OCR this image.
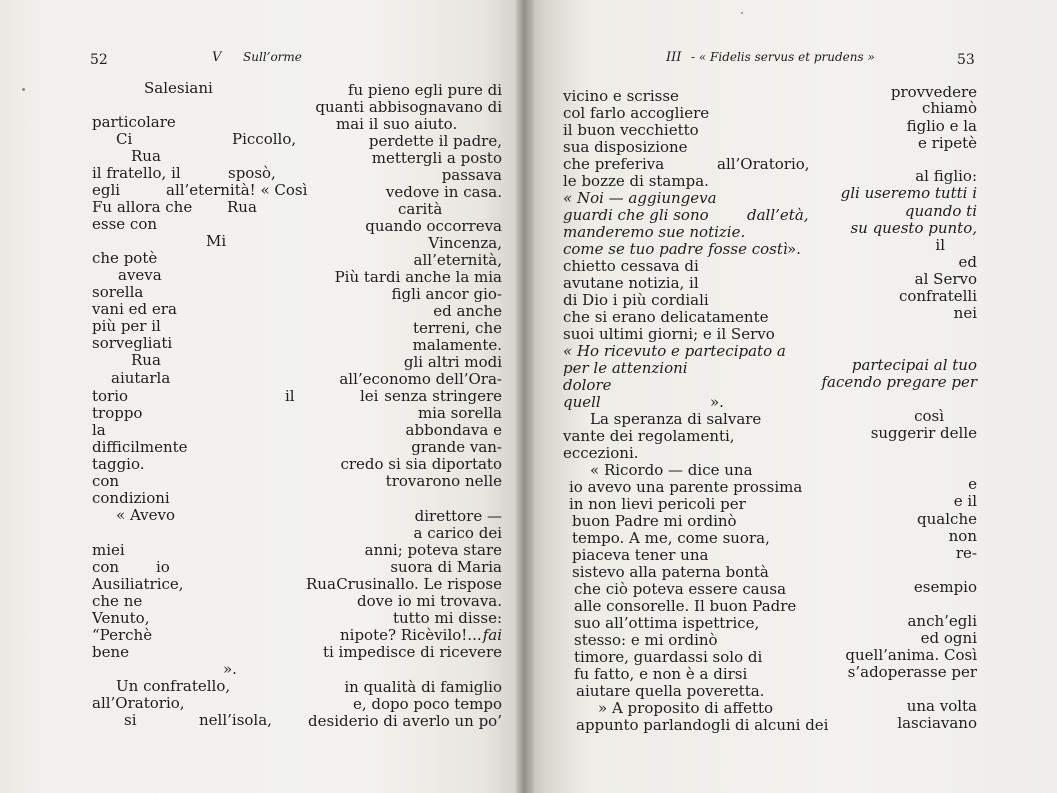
52	V Sull’orme
Salesiani
particolare
Ci	Piccollo,
Rua
il fratello, il	sposò,
egli	all’eternità! « Così
Fu allora che Rua
esse con
Mi
che potè
aveva
sorella
vani ed era
più per il
sorvegliati
Rua
aiutarla
torio	il
troppo
la
difficilmente
taggio.
con
condizioni
« Avevo
miei
con io
Ausiliatrice,
che ne
Venuto,
“Perchè
bene
».
Un confratello,
all’Oratorio,
si	nell’isola,
fu pieno egli pure di
quanti abbisognavano di
mai il suo aiuto.
perdette il padre,
mettergli a posto
passava
vedove in casa.
carità
quando occorreva
Vincenza,
all’eternità,
Più tardi anche la mia
figli ancor gio-
ed anche
terreni, che
malamente.
gli altri modi
all’economo dell’Ora-
lei senza stringere
mia sorella
abbondava e
grande van-
credo si sia diportato
trovarono nelle
direttore —
a carico dei
anni; poteva stare
suora di Maria
Rua Crusinallo. Le rispose
dove io mi trovava.
tutto mi disse:
nipote? Ricèvilo!... fai
ti impedisce di ricevere
in qualità di famiglio
e, dopo poco tempo
desiderio di averlo un po’
III - « Fidelis servus et prudens »	53
vicino e scrisse
col farlo accogliere
il buon vecchietto
sua disposizione
che preferiva	all’Oratorio,
le bozze di stampa.
« Noi — aggiungeva
guardi che gli sono	dall’età,
manderemo sue notizie.
come se tuo padre fosse costì ».
chietto cessava di
avutane notizia, il
di Dio i più cordiali
che si erano delicatamente
suoi ultimi giorni; e il Servo
« Ho ricevuto e partecipato a
per le attenzioni
dolore
quell	».
La speranza di salvare
vante dei regolamenti,
eccezioni.
« Ricordo — dice una
io avevo una parente prossima
in non lievi pericoli per
buon Padre mi ordinò
tempo. A me, come suora,
piaceva tener una
sistevo alla paterna bontà
che ciò poteva essere causa
alle consorelle. Il buon Padre
suo all’ottima ispettrice,
stesso: e mi ordinò
timore, guardassi solo di
fu fatto, e non è a dirsi
aiutare quella poveretta.
» A proposito di affetto
appunto parlandogli di alcuni dei
provvedere
chiamò
figlio e la
e ripetè
al figlio:
gli useremo tutti i
quando ti
su questo punto,
il
ed
al Servo
confratelli
nei
partecipai al tuo
facendo pregare per
così
suggerir delle
e
e il
qualche
non
re-
esempio
anch’egli
ed ogni
quell’anima. Così
s’adoperasse per
una volta
lasciavano
